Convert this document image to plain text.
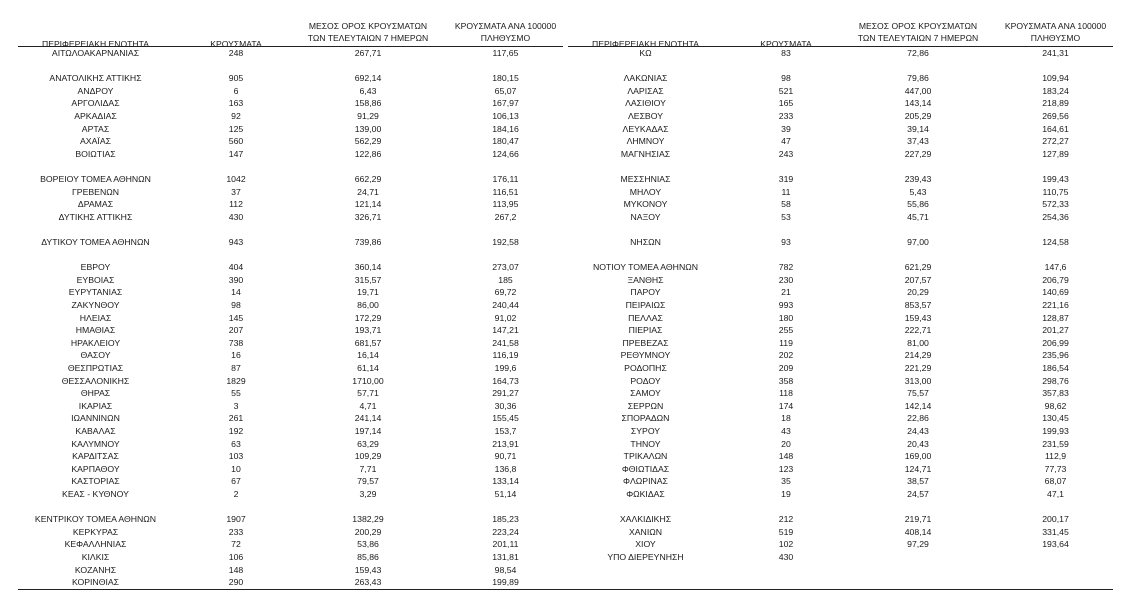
ΠΕΡΙΦΕΡΕΙΑΚΗ ΕΝΟΤΗΤΑ	ΚΡΟΥΣΜΑΤΑ
ΜΕΣΟΣ ΟΡΟΣ ΚΡΟΥΣΜΑΤΩΝ
ΤΩΝ ΤΕΛΕΥΤΑΙΩΝ 7 ΗΜΕΡΩΝ
ΚΡΟΥΣΜΑΤΑ ΑΝΑ 100000
ΠΛΗΘΥΣΜΟ
ΑΙΤΩΛΟΑΚΑΡΝΑΝΙΑΣ	248	267,71	117,65
ΑΝΑΤΟΛΙΚΗΣ ΑΤΤΙΚΗΣ	905	692,14	180,15
ΑΝΔΡΟΥ	6	6,43	65,07
ΑΡΓΟΛΙΔΑΣ	163	158,86	167,97
ΑΡΚΑΔΙΑΣ	92	91,29	106,13
ΑΡΤΑΣ	125	139,00	184,16
ΑΧΑΪΑΣ	560	562,29	180,47
ΒΟΙΩΤΙΑΣ	147	122,86	124,66
ΒΟΡΕΙΟΥ ΤΟΜΕΑ ΑΘΗΝΩΝ	1042	662,29	176,11
ΓΡΕΒΕΝΩΝ	37	24,71	116,51
ΔΡΑΜΑΣ	112	121,14	113,95
ΔΥΤΙΚΗΣ ΑΤΤΙΚΗΣ	430	326,71	267,2
ΔΥΤΙΚΟΥ ΤΟΜΕΑ ΑΘΗΝΩΝ	943	739,86	192,58
ΕΒΡΟΥ	404	360,14	273,07
ΕΥΒΟΙΑΣ	390	315,57	185
ΕΥΡΥΤΑΝΙΑΣ	14	19,71	69,72
ΖΑΚΥΝΘΟΥ	98	86,00	240,44
ΗΛΕΙΑΣ	145	172,29	91,02
ΗΜΑΘΙΑΣ	207	193,71	147,21
ΗΡΑΚΛΕΙΟΥ	738	681,57	241,58
ΘΑΣΟΥ	16	16,14	116,19
ΘΕΣΠΡΩΤΙΑΣ	87	61,14	199,6
ΘΕΣΣΑΛΟΝΙΚΗΣ	1829	1710,00	164,73
ΘΗΡΑΣ	55	57,71	291,27
ΙΚΑΡΙΑΣ	3	4,71	30,36
ΙΩΑΝΝΙΝΩΝ	261	241,14	155,45
ΚΑΒΑΛΑΣ	192	197,14	153,7
ΚΑΛΥΜΝΟΥ	63	63,29	213,91
ΚΑΡΔΙΤΣΑΣ	103	109,29	90,71
ΚΑΡΠΑΘΟΥ	10	7,71	136,8
ΚΑΣΤΟΡΙΑΣ	67	79,57	133,14
ΚΕΑΣ - ΚΥΘΝΟΥ	2	3,29	51,14
ΚΕΝΤΡΙΚΟΥ ΤΟΜΕΑ ΑΘΗΝΩΝ	1907	1382,29	185,23
ΚΕΡΚΥΡΑΣ	233	200,29	223,24
ΚΕΦΑΛΛΗΝΙΑΣ	72	53,86	201,11
ΚΙΛΚΙΣ	106	85,86	131,81
ΚΟΖΑΝΗΣ	148	159,43	98,54
ΚΟΡΙΝΘΙΑΣ	290	263,43	199,89
ΠΕΡΙΦΕΡΕΙΑΚΗ ΕΝΟΤΗΤΑ	ΚΡΟΥΣΜΑΤΑ
ΜΕΣΟΣ ΟΡΟΣ ΚΡΟΥΣΜΑΤΩΝ
ΤΩΝ ΤΕΛΕΥΤΑΙΩΝ 7 ΗΜΕΡΩΝ
ΚΡΟΥΣΜΑΤΑ ΑΝΑ 100000
ΠΛΗΘΥΣΜΟ
ΚΩ	83	72,86	241,31
ΛΑΚΩΝΙΑΣ	98	79,86	109,94
ΛΑΡΙΣΑΣ	521	447,00	183,24
ΛΑΣΙΘΙΟΥ	165	143,14	218,89
ΛΕΣΒΟΥ	233	205,29	269,56
ΛΕΥΚΑΔΑΣ	39	39,14	164,61
ΛΗΜΝΟΥ	47	37,43	272,27
ΜΑΓΝΗΣΙΑΣ	243	227,29	127,89
ΜΕΣΣΗΝΙΑΣ	319	239,43	199,43
ΜΗΛΟΥ	11	5,43	110,75
ΜΥΚΟΝΟΥ	58	55,86	572,33
ΝΑΞΟΥ	53	45,71	254,36
ΝΗΣΩΝ	93	97,00	124,58
ΝΟΤΙΟΥ ΤΟΜΕΑ ΑΘΗΝΩΝ	782	621,29	147,6
ΞΑΝΘΗΣ	230	207,57	206,79
ΠΑΡΟΥ	21	20,29	140,69
ΠΕΙΡΑΙΩΣ	993	853,57	221,16
ΠΕΛΛΑΣ	180	159,43	128,87
ΠΙΕΡΙΑΣ	255	222,71	201,27
ΠΡΕΒΕΖΑΣ	119	81,00	206,99
ΡΕΘΥΜΝΟΥ	202	214,29	235,96
ΡΟΔΟΠΗΣ	209	221,29	186,54
ΡΟΔΟΥ	358	313,00	298,76
ΣΑΜΟΥ	118	75,57	357,83
ΣΕΡΡΩΝ	174	142,14	98,62
ΣΠΟΡΑΔΩΝ	18	22,86	130,45
ΣΥΡΟΥ	43	24,43	199,93
ΤΗΝΟΥ	20	20,43	231,59
ΤΡΙΚΑΛΩΝ	148	169,00	112,9
ΦΘΙΩΤΙΔΑΣ	123	124,71	77,73
ΦΛΩΡΙΝΑΣ	35	38,57	68,07
ΦΩΚΙΔΑΣ	19	24,57	47,1
ΧΑΛΚΙΔΙΚΗΣ	212	219,71	200,17
ΧΑΝΙΩΝ	519	408,14	331,45
ΧΙΟΥ	102	97,29	193,64
ΥΠΟ ΔΙΕΡΕΥΝΗΣΗ	430
